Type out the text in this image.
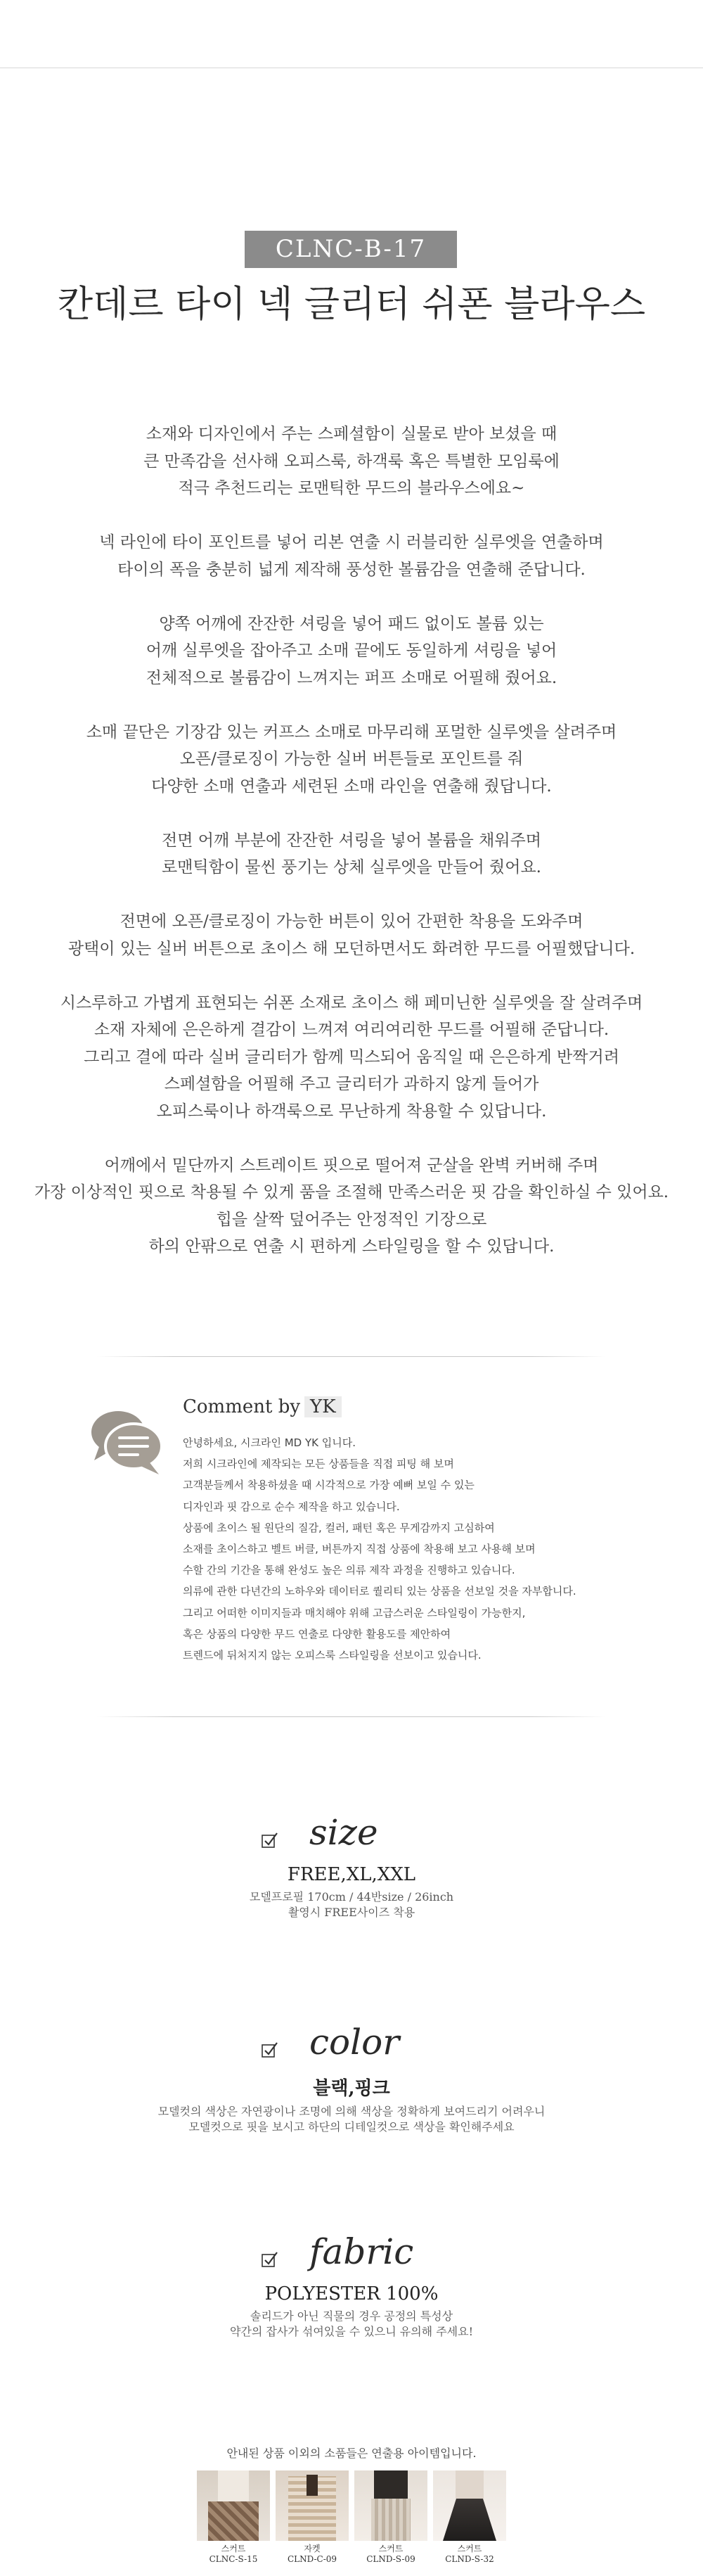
CLNC-B-17
칸데르 타이 넥 글리터 쉬폰 블라우스

소재와 디자인에서 주는 스페셜함이 실물로 받아 보셨을 때
큰 만족감을 선사해 오피스룩, 하객룩 혹은 특별한 모임룩에
적극 추천드리는 로맨틱한 무드의 블라우스에요~

넥 라인에 타이 포인트를 넣어 리본 연출 시 러블리한 실루엣을 연출하며
타이의 폭을 충분히 넓게 제작해 풍성한 볼륨감을 연출해 준답니다.

양쪽 어깨에 잔잔한 셔링을 넣어 패드 없이도 볼륨 있는
어깨 실루엣을 잡아주고 소매 끝에도 동일하게 셔링을 넣어
전체적으로 볼륨감이 느껴지는 퍼프 소매로 어필해 줬어요.

소매 끝단은 기장감 있는 커프스 소매로 마무리해 포멀한 실루엣을 살려주며
오픈/클로징이 가능한 실버 버튼들로 포인트를 줘
다양한 소매 연출과 세련된 소매 라인을 연출해 줬답니다.

전면 어깨 부분에 잔잔한 셔링을 넣어 볼륨을 채워주며
로맨틱함이 물씬 풍기는 상체 실루엣을 만들어 줬어요.

전면에 오픈/클로징이 가능한 버튼이 있어 간편한 착용을 도와주며
광택이 있는 실버 버튼으로 초이스 해 모던하면서도 화려한 무드를 어필했답니다.

시스루하고 가볍게 표현되는 쉬폰 소재로 초이스 해 페미닌한 실루엣을 잘 살려주며
소재 자체에 은은하게 결감이 느껴져 여리여리한 무드를 어필해 준답니다.
그리고 결에 따라 실버 글리터가 함께 믹스되어 움직일 때 은은하게 반짝거려
스페셜함을 어필해 주고 글리터가 과하지 않게 들어가
오피스룩이나 하객룩으로 무난하게 착용할 수 있답니다.

어깨에서 밑단까지 스트레이트 핏으로 떨어져 군살을 완벽 커버해 주며
가장 이상적인 핏으로 착용될 수 있게 품을 조절해 만족스러운 핏 감을 확인하실 수 있어요.
힙을 살짝 덮어주는 안정적인 기장으로
하의 안팎으로 연출 시 편하게 스타일링을 할 수 있답니다.

Comment by YK
안녕하세요, 시크라인 MD YK 입니다.
저희 시크라인에 제작되는 모든 상품들을 직접 피팅 해 보며
고객분들께서 착용하셨을 때 시각적으로 가장 예뻐 보일 수 있는
디자인과 핏 감으로 순수 제작을 하고 있습니다.
상품에 초이스 될 원단의 질감, 컬러, 패턴 혹은 무게감까지 고심하여
소재를 초이스하고 벨트 버클, 버튼까지 직접 상품에 착용해 보고 사용해 보며
수할 간의 기간을 통해 완성도 높은 의류 제작 과정을 진행하고 있습니다.
의류에 관한 다년간의 노하우와 데이터로 퀄리티 있는 상품을 선보일 것을 자부합니다.
그리고 어떠한 이미지들과 매치해야 위해 고급스러운 스타일링이 가능한지,
혹은 상품의 다양한 무드 연출로 다양한 활용도를 제안하여
트렌드에 뒤처지지 않는 오피스룩 스타일링을 선보이고 있습니다.
size
FREE,XL,XXL
모델프로필 170cm / 44반size / 26inch
촬영시 FREE사이즈 착용
color
블랙,핑크
모델컷의 색상은 자연광이나 조명에 의해 색상을 정확하게 보여드리기 어려우니
모델컷으로 핏을 보시고 하단의 디테일컷으로 색상을 확인해주세요
fabric
POLYESTER 100%
솔리드가 아닌 직물의 경우 공정의 특성상
약간의 잡사가 섞여있을 수 있으니 유의해 주세요!
안내된 상품 이외의 소품들은 연출용 아이템입니다.
스커트
CLNC-S-15
자켓
CLND-C-09
스커트
CLND-S-09
스커트
CLND-S-32
